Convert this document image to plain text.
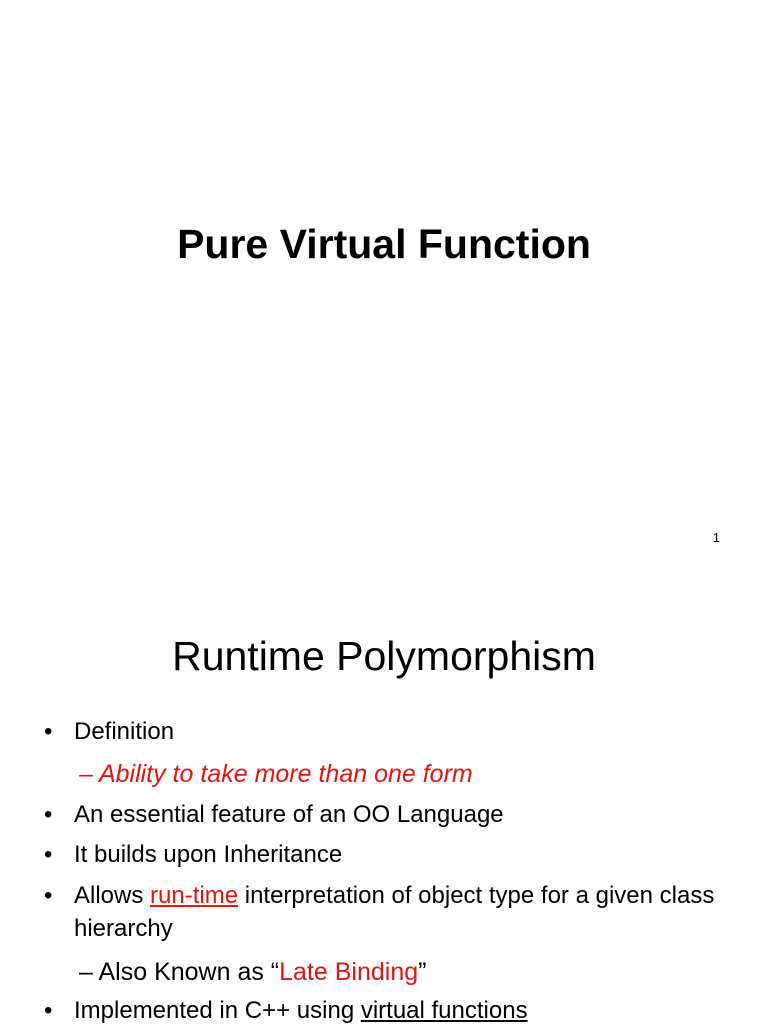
Pure Virtual Function
1
Runtime Polymorphism
• Definition
– Ability to take more than one form
• An essential feature of an OO Language
• It builds upon Inheritance
• Allows run-time interpretation of object type for a given class hierarchy
– Also Known as “Late Binding”
• Implemented in C++ using virtual functions
